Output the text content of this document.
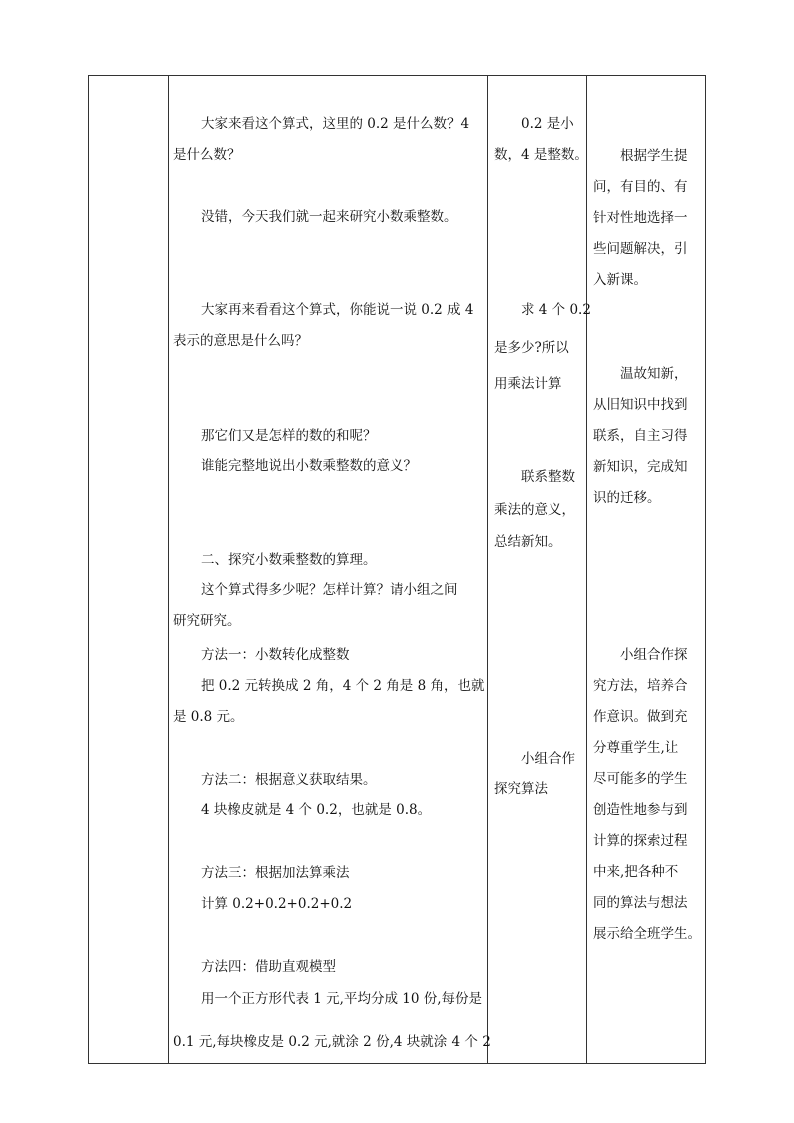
大家来看这个算式，这里的 0.2 是什么数？4
是什么数？
没错，今天我们就一起来研究小数乘整数。
大家再来看看这个算式，你能说一说 0.2 成 4
表示的意思是什么吗？
那它们又是怎样的数的和呢？
谁能完整地说出小数乘整数的意义？
二、探究小数乘整数的算理。
这个算式得多少呢？怎样计算？请小组之间
研究研究。
方法一：小数转化成整数
把 0.2 元转换成 2 角，4 个 2 角是 8 角，也就
是 0.8 元。
方法二：根据意义获取结果。
4 块橡皮就是 4 个 0.2，也就是 0.8。
方法三：根据加法算乘法
计算 0.2+0.2+0.2+0.2
方法四：借助直观模型
用一个正方形代表 1 元,平均分成 10 份,每份是
0.1 元,每块橡皮是 0.2 元,就涂 2 份,4 块就涂 4 个 2
0.2 是小
数，4 是整数。
求 4 个 0.2
是多少?所以
用乘法计算
联系整数
乘法的意义，
总结新知。
小组合作
探究算法
根据学生提
问，有目的、有
针对性地选择一
些问题解决，引
入新课。
温故知新，
从旧知识中找到
联系，自主习得
新知识，完成知
识的迁移。
小组合作探
究方法，培养合
作意识。做到充
分尊重学生,让
尽可能多的学生
创造性地参与到
计算的探索过程
中来,把各种不
同的算法与想法
展示给全班学生。
